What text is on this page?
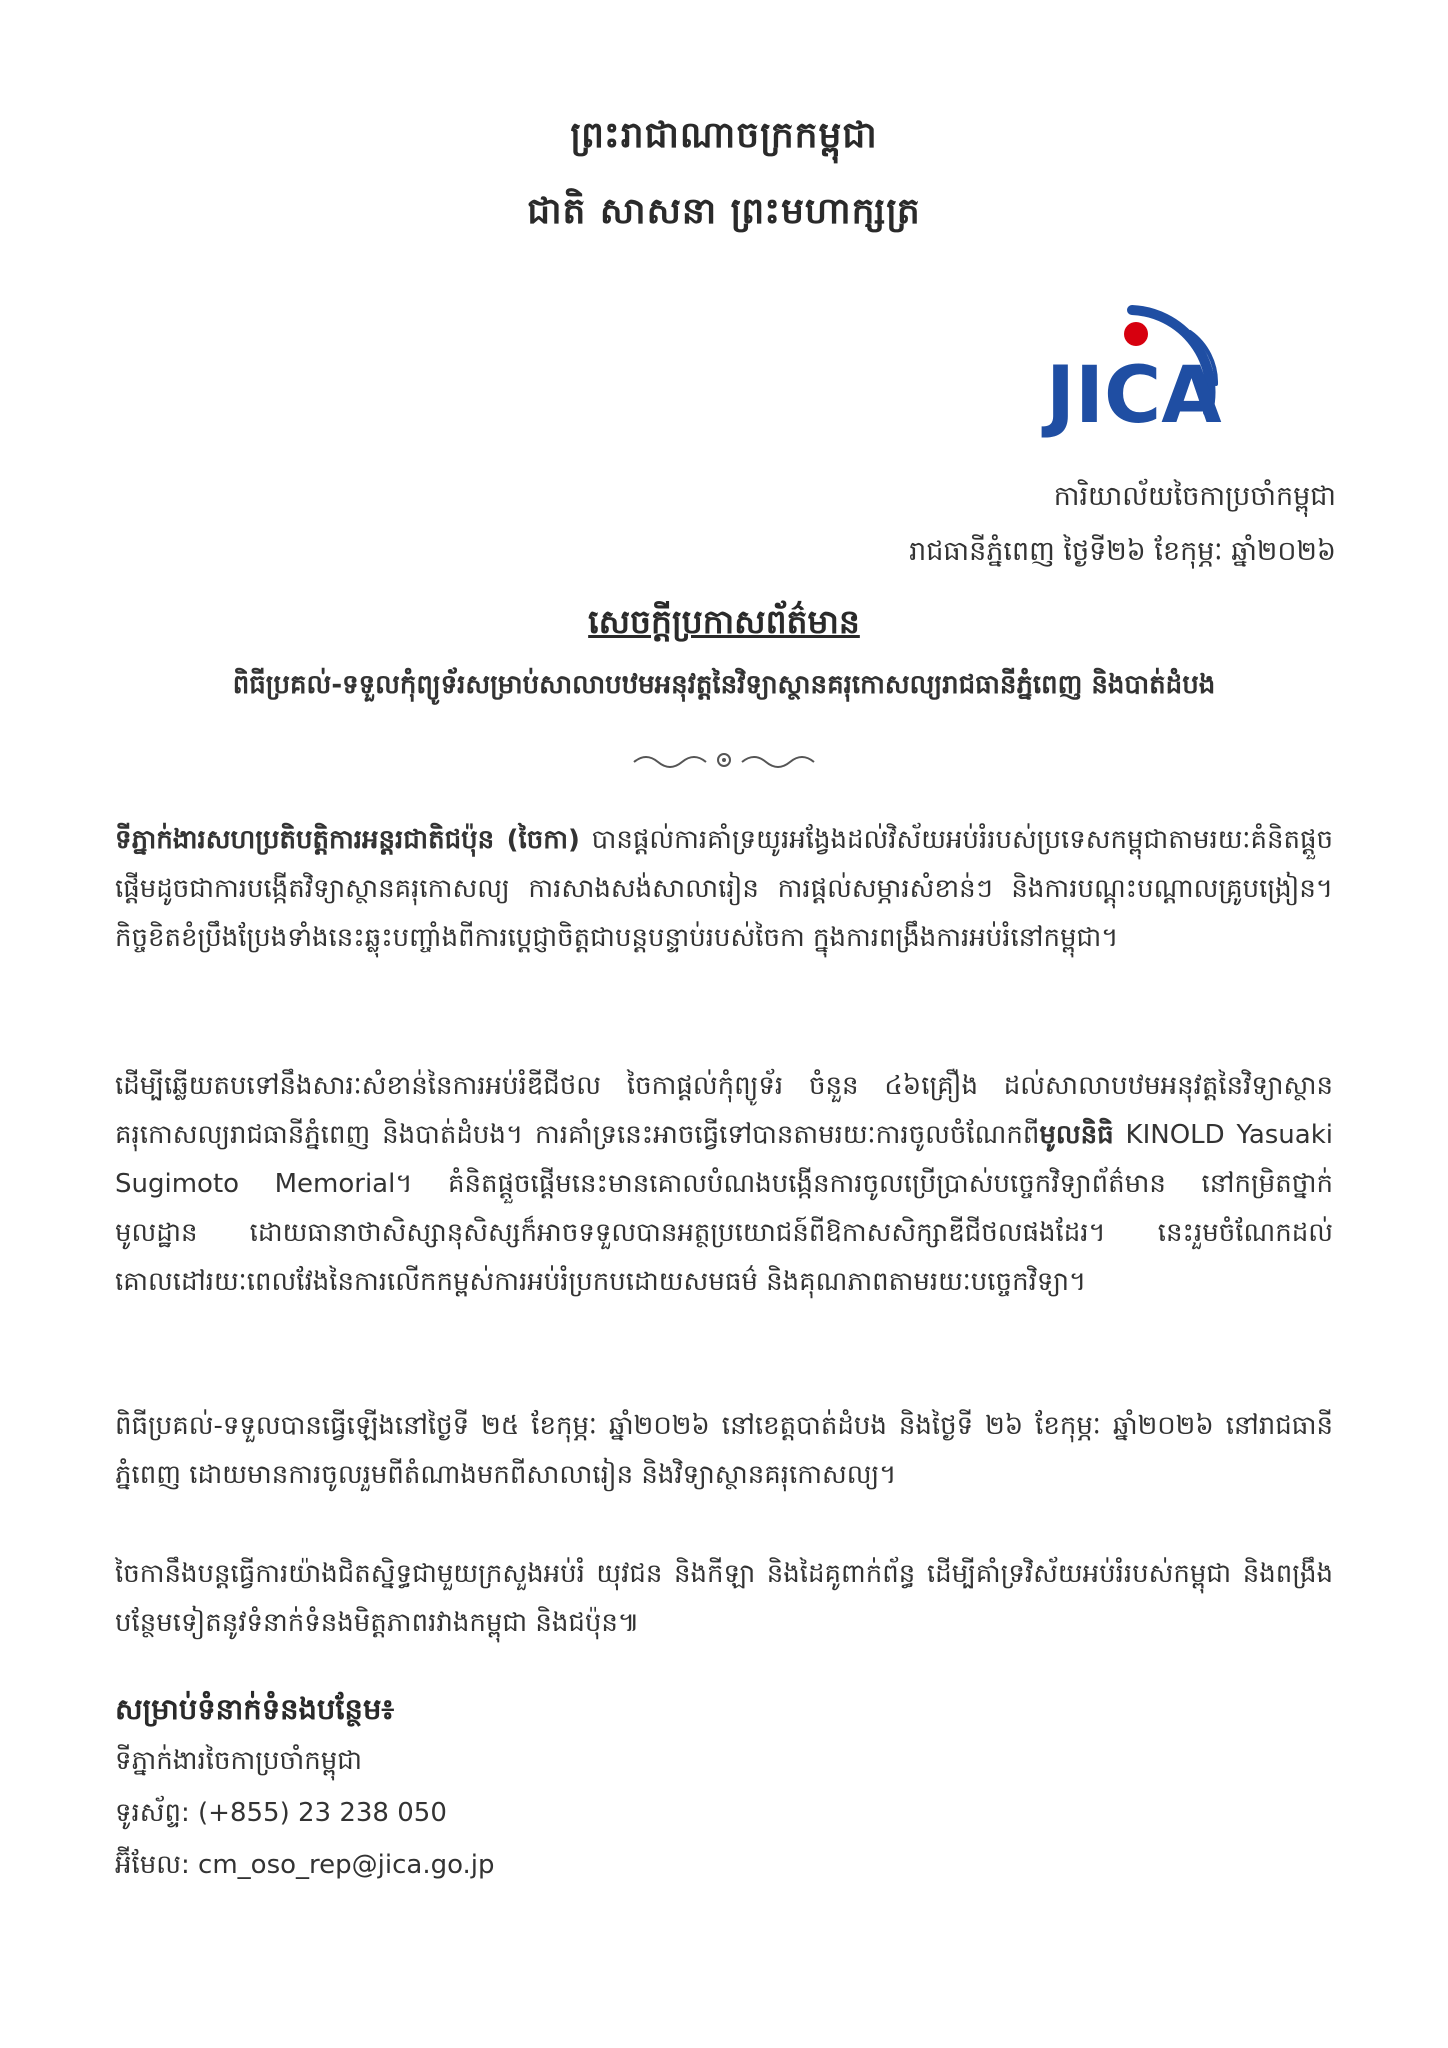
ព្រះរាជាណាចក្រកម្ពុជា
ជាតិ សាសនា ព្រះមហាក្សត្រ
JICA
ការិយាល័យចៃកាប្រចាំកម្ពុជា
រាជធានីភ្នំពេញ ថ្ងៃទី២៦ ខែកុម្ភៈ ឆ្នាំ២០២៦
សេចក្តីប្រកាសព័ត៌មាន
ពិធីប្រគល់-ទទួលកុំព្យូទ័រសម្រាប់សាលាបឋមអនុវត្តនៃវិទ្យាស្ថានគរុកោសល្យរាជធានីភ្នំពេញ និងបាត់ដំបង

ទីភ្នាក់ងារសហប្រតិបត្តិការអន្តរជាតិជប៉ុន (ចៃកា) បានផ្តល់ការគាំទ្រយូរអង្វែងដល់វិស័យអប់រំរបស់ប្រទេសកម្ពុជាតាមរយៈគំនិតផ្តួចផ្តើមដូចជាការបង្កើតវិទ្យាស្ថានគរុកោសល្យ ការសាងសង់សាលារៀន ការផ្តល់សម្ភារសំខាន់ៗ និងការបណ្តុះបណ្តាលគ្រូបង្រៀន។ កិច្ចខិតខំប្រឹងប្រែងទាំងនេះឆ្លុះបញ្ចាំងពីការប្តេជ្ញាចិត្តជាបន្តបន្ទាប់របស់ចៃកា ក្នុងការពង្រឹងការអប់រំនៅកម្ពុជា។

ដើម្បីឆ្លើយតបទៅនឹងសារៈសំខាន់នៃការអប់រំឌីជីថល ចៃកាផ្តល់កុំព្យូទ័រ ចំនួន ៤៦គ្រឿង ដល់សាលាបឋមអនុវត្តនៃវិទ្យាស្ថានគរុកោសល្យរាជធានីភ្នំពេញ និងបាត់ដំបង។ ការគាំទ្រនេះអាចធ្វើទៅបានតាមរយៈការចូលចំណែកពីមូលនិធិ KINOLD Yasuaki Sugimoto Memorial។ គំនិតផ្តួចផ្តើមនេះមានគោលបំណងបង្កើនការចូលប្រើប្រាស់បច្ចេកវិទ្យាព័ត៌មាន នៅកម្រិតថ្នាក់មូលដ្ឋាន ដោយធានាថាសិស្សានុសិស្សក៏អាចទទួលបានអត្ថប្រយោជន៍ពីឱកាសសិក្សាឌីជីថលផងដែរ។ នេះរួមចំណែកដល់គោលដៅរយៈពេលវែងនៃការលើកកម្ពស់ការអប់រំប្រកបដោយសមធម៌ និងគុណភាពតាមរយៈបច្ចេកវិទ្យា។

ពិធីប្រគល់-ទទួលបានធ្វើឡើងនៅថ្ងៃទី ២៥ ខែកុម្ភៈ ឆ្នាំ២០២៦ នៅខេត្តបាត់ដំបង និងថ្ងៃទី ២៦ ខែកុម្ភៈ ឆ្នាំ២០២៦ នៅរាជធានីភ្នំពេញ ដោយមានការចូលរួមពីតំណាងមកពីសាលារៀន និងវិទ្យាស្ថានគរុកោសល្យ។

ចៃកានឹងបន្តធ្វើការយ៉ាងជិតស្និទ្ធជាមួយក្រសួងអប់រំ យុវជន និងកីឡា និងដៃគូពាក់ព័ន្ធ ដើម្បីគាំទ្រវិស័យអប់រំរបស់កម្ពុជា និងពង្រឹងបន្ថែមទៀតនូវទំនាក់ទំនងមិត្តភាពរវាងកម្ពុជា និងជប៉ុន៕

សម្រាប់ទំនាក់ទំនងបន្ថែម៖
ទីភ្នាក់ងារចៃកាប្រចាំកម្ពុជា
ទូរស័ព្ទ: (+855) 23 238 050
អ៊ីមែល: cm_oso_rep@jica.go.jp
